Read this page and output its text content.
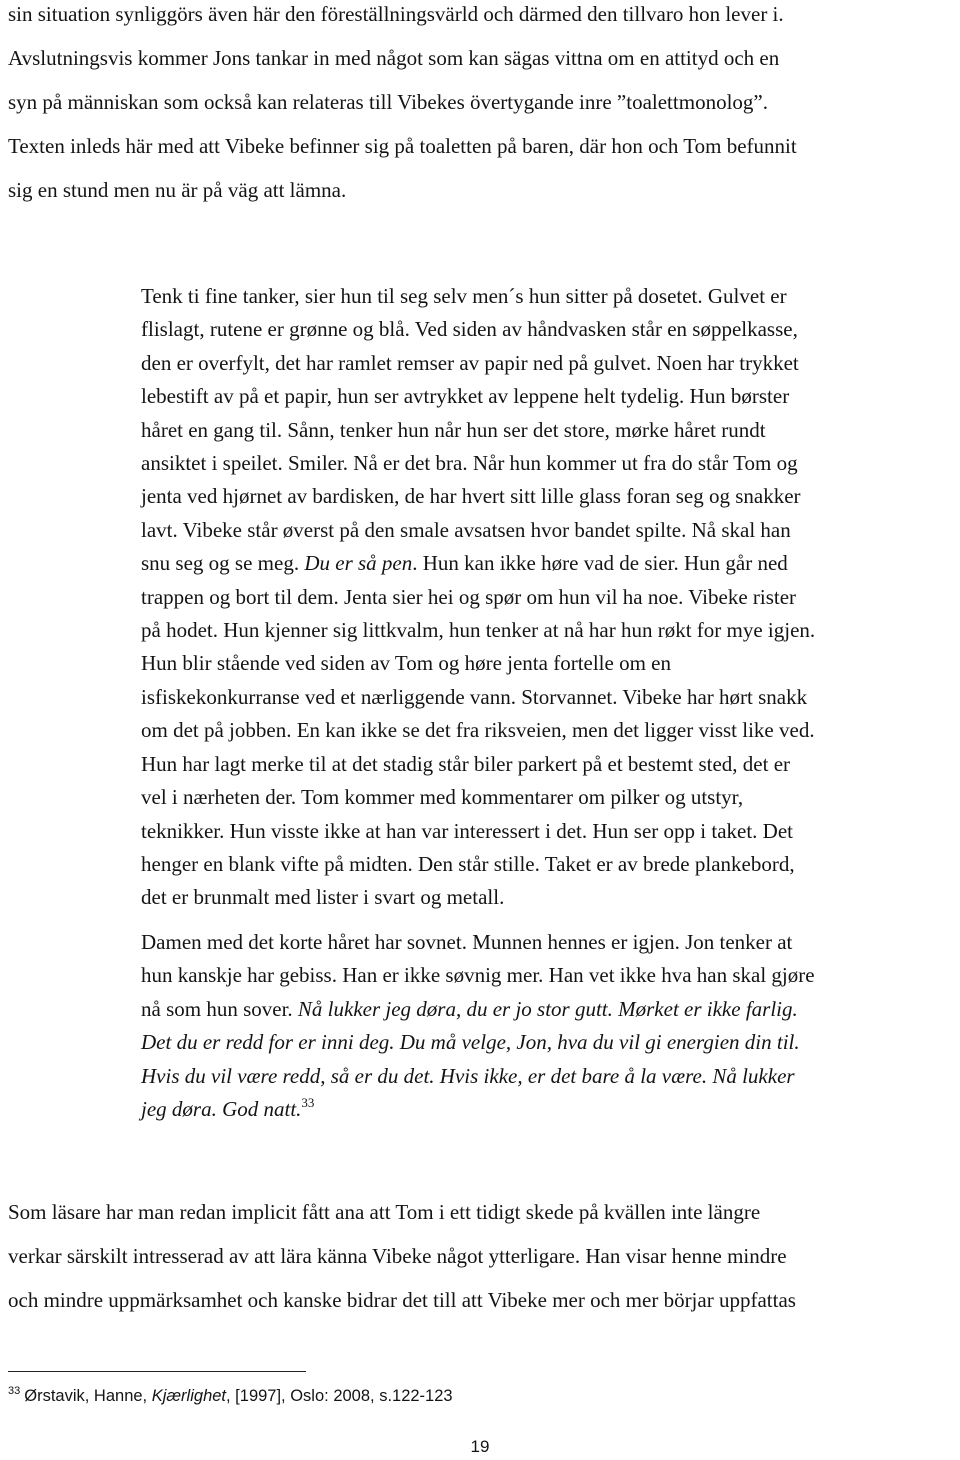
sin situation synliggörs även här den föreställningsvärld och därmed den tillvaro hon lever i.
Avslutningsvis kommer Jons tankar in med något som kan sägas vittna om en attityd och en
syn på människan som också kan relateras till Vibekes övertygande inre ”toalettmonolog”.
Texten inleds här med att Vibeke befinner sig på toaletten på baren, där hon och Tom befunnit
sig en stund men nu är på väg att lämna.

Tenk ti fine tanker, sier hun til seg selv men´s hun sitter på dosetet. Gulvet er
flislagt, rutene er grønne og blå. Ved siden av håndvasken står en søppelkasse,
den er overfylt, det har ramlet remser av papir ned på gulvet. Noen har trykket
lebestift av på et papir, hun ser avtrykket av leppene helt tydelig. Hun børster
håret en gang til. Sånn, tenker hun når hun ser det store, mørke håret rundt
ansiktet i speilet. Smiler. Nå er det bra. Når hun kommer ut fra do står Tom og
jenta ved hjørnet av bardisken, de har hvert sitt lille glass foran seg og snakker
lavt. Vibeke står øverst på den smale avsatsen hvor bandet spilte. Nå skal han
snu seg og se meg. Du er så pen. Hun kan ikke høre vad de sier. Hun går ned
trappen og bort til dem. Jenta sier hei og spør om hun vil ha noe. Vibeke rister
på hodet. Hun kjenner sig littkvalm, hun tenker at nå har hun røkt for mye igjen.
Hun blir stående ved siden av Tom og høre jenta fortelle om en
isfiskekonkurranse ved et nærliggende vann. Storvannet. Vibeke har hørt snakk
om det på jobben. En kan ikke se det fra riksveien, men det ligger visst like ved.
Hun har lagt merke til at det stadig står biler parkert på et bestemt sted, det er
vel i nærheten der. Tom kommer med kommentarer om pilker og utstyr,
teknikker. Hun visste ikke at han var interessert i det. Hun ser opp i taket. Det
henger en blank vifte på midten. Den står stille. Taket er av brede plankebord,
det er brunmalt med lister i svart og metall.
Damen med det korte håret har sovnet. Munnen hennes er igjen. Jon tenker at
hun kanskje har gebiss. Han er ikke søvnig mer. Han vet ikke hva han skal gjøre
nå som hun sover. Nå lukker jeg døra, du er jo stor gutt. Mørket er ikke farlig.
Det du er redd for er inni deg. Du må velge, Jon, hva du vil gi energien din til.
Hvis du vil være redd, så er du det. Hvis ikke, er det bare å la være. Nå lukker
jeg døra. God natt.$^{33}$

Som läsare har man redan implicit fått ana att Tom i ett tidigt skede på kvällen inte längre
verkar särskilt intresserad av att lära känna Vibeke något ytterligare. Han visar henne mindre
och mindre uppmärksamhet och kanske bidrar det till att Vibeke mer och mer börjar uppfattas

$^{33}$ Ørstavik, Hanne, Kjærlighet, [1997], Oslo: 2008, s.122-123

19
